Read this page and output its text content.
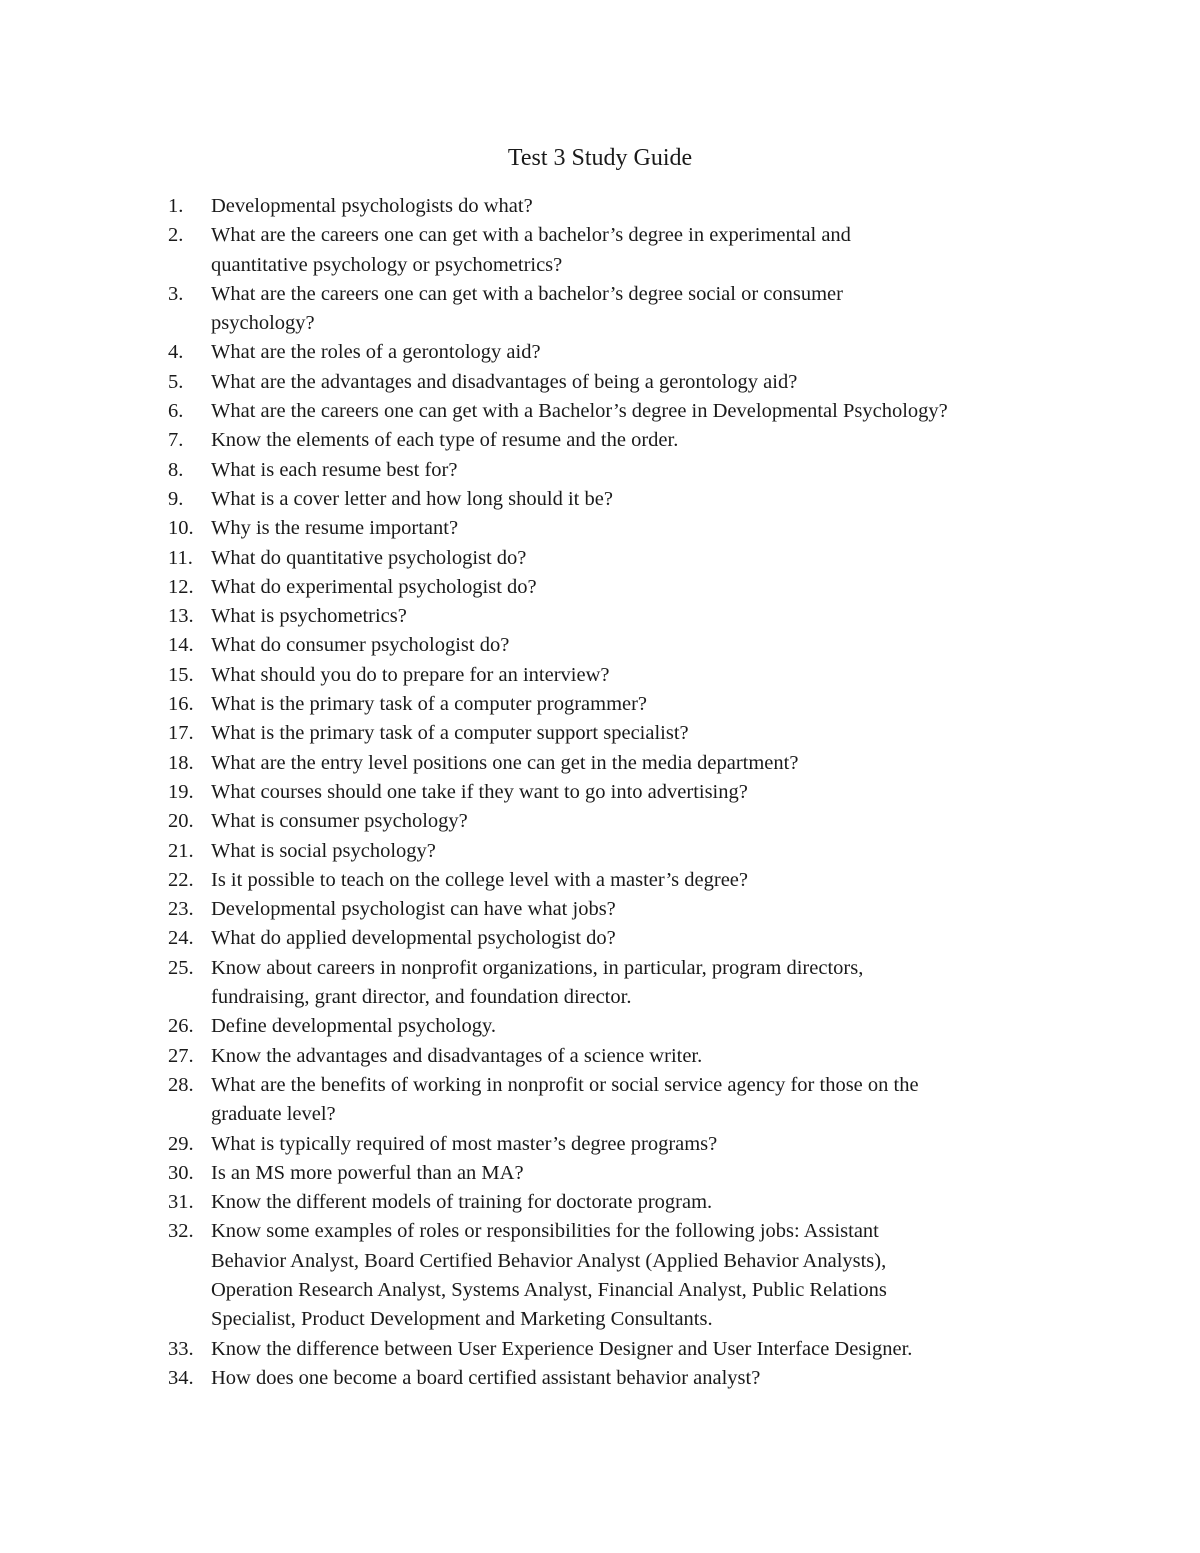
Test 3 Study Guide
1.	Developmental psychologists do what?
2.	What are the careers one can get with a bachelor’s degree in experimental and
quantitative psychology or psychometrics?
3.	What are the careers one can get with a bachelor’s degree social or consumer
psychology?
4.	What are the roles of a gerontology aid?
5.	What are the advantages and disadvantages of being a gerontology aid?
6.	What are the careers one can get with a Bachelor’s degree in Developmental Psychology?
7.	Know the elements of each type of resume and the order.
8.	What is each resume best for?
9.	What is a cover letter and how long should it be?
10. Why is the resume important?
11. What do quantitative psychologist do?
12. What do experimental psychologist do?
13. What is psychometrics?
14. What do consumer psychologist do?
15. What should you do to prepare for an interview?
16. What is the primary task of a computer programmer?
17. What is the primary task of a computer support specialist?
18. What are the entry level positions one can get in the media department?
19. What courses should one take if they want to go into advertising?
20. What is consumer psychology?
21. What is social psychology?
22. Is it possible to teach on the college level with a master’s degree?
23. Developmental psychologist can have what jobs?
24. What do applied developmental psychologist do?
25. Know about careers in nonprofit organizations, in particular, program directors,
fundraising, grant director, and foundation director.
26. Define developmental psychology.
27. Know the advantages and disadvantages of a science writer.
28. What are the benefits of working in nonprofit or social service agency for those on the
graduate level?
29. What is typically required of most master’s degree programs?
30. Is an MS more powerful than an MA?
31. Know the different models of training for doctorate program.
32. Know some examples of roles or responsibilities for the following jobs: Assistant
Behavior Analyst, Board Certified Behavior Analyst (Applied Behavior Analysts),
Operation Research Analyst, Systems Analyst, Financial Analyst, Public Relations
Specialist, Product Development and Marketing Consultants.
33. Know the difference between User Experience Designer and User Interface Designer.
34. How does one become a board certified assistant behavior analyst?
